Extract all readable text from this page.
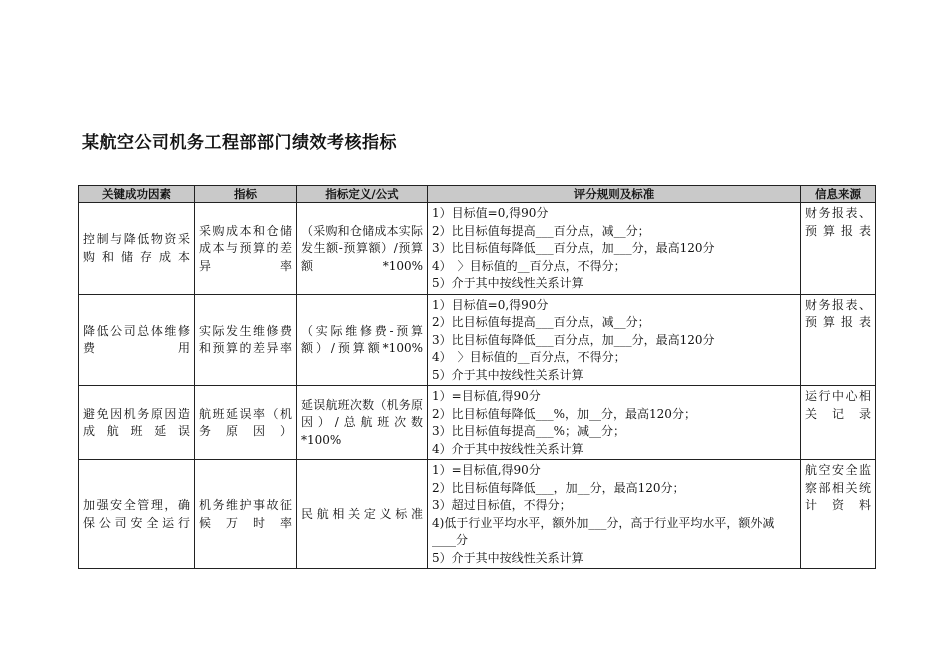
某航空公司机务工程部部门绩效考核指标
关键成功因素	指标	指标定义/公式	评分规则及标准	信息来源
控制与降低物资采购和储存成本	采购成本和仓储成本与预算的差异率	（采购和仓储成本实际发生额-预算额）/预算额*100%	1）目标值=0,得90分
2）比目标值每提高___百分点，减__分；
3）比目标值每降低___百分点，加___分，最高120分
4）　〉目标值的__百分点，不得分；
5）介于其中按线性关系计算	财务报表、预算报表
降低公司总体维修费用	实际发生维修费和预算的差异率	（实际维修费-预算额）/预算额*100%	1）目标值=0,得90分
2）比目标值每提高___百分点，减__分；
3）比目标值每降低___百分点，加___分，最高120分
4）　〉目标值的__百分点，不得分；
5）介于其中按线性关系计算	财务报表、预算报表
避免因机务原因造成航班延误	航班延误率（机务原因）	延误航班次数（机务原因）/总航班次数*100%	1）=目标值,得90分
2）比目标值每降低___%，加__分，最高120分；
3）比目标值每提高___%；减__分；
4）介于其中按线性关系计算	运行中心相关记录
加强安全管理，确保公司安全运行	机务维护事故征候万时率	民航相关定义标准	1）=目标值,得90分
2）比目标值每降低___，加__分，最高120分；
3）超过目标值，不得分；
4)低于行业平均水平，额外加___分，高于行业平均水平，额外减____分
5）介于其中按线性关系计算	航空安全监察部相关统计资料
